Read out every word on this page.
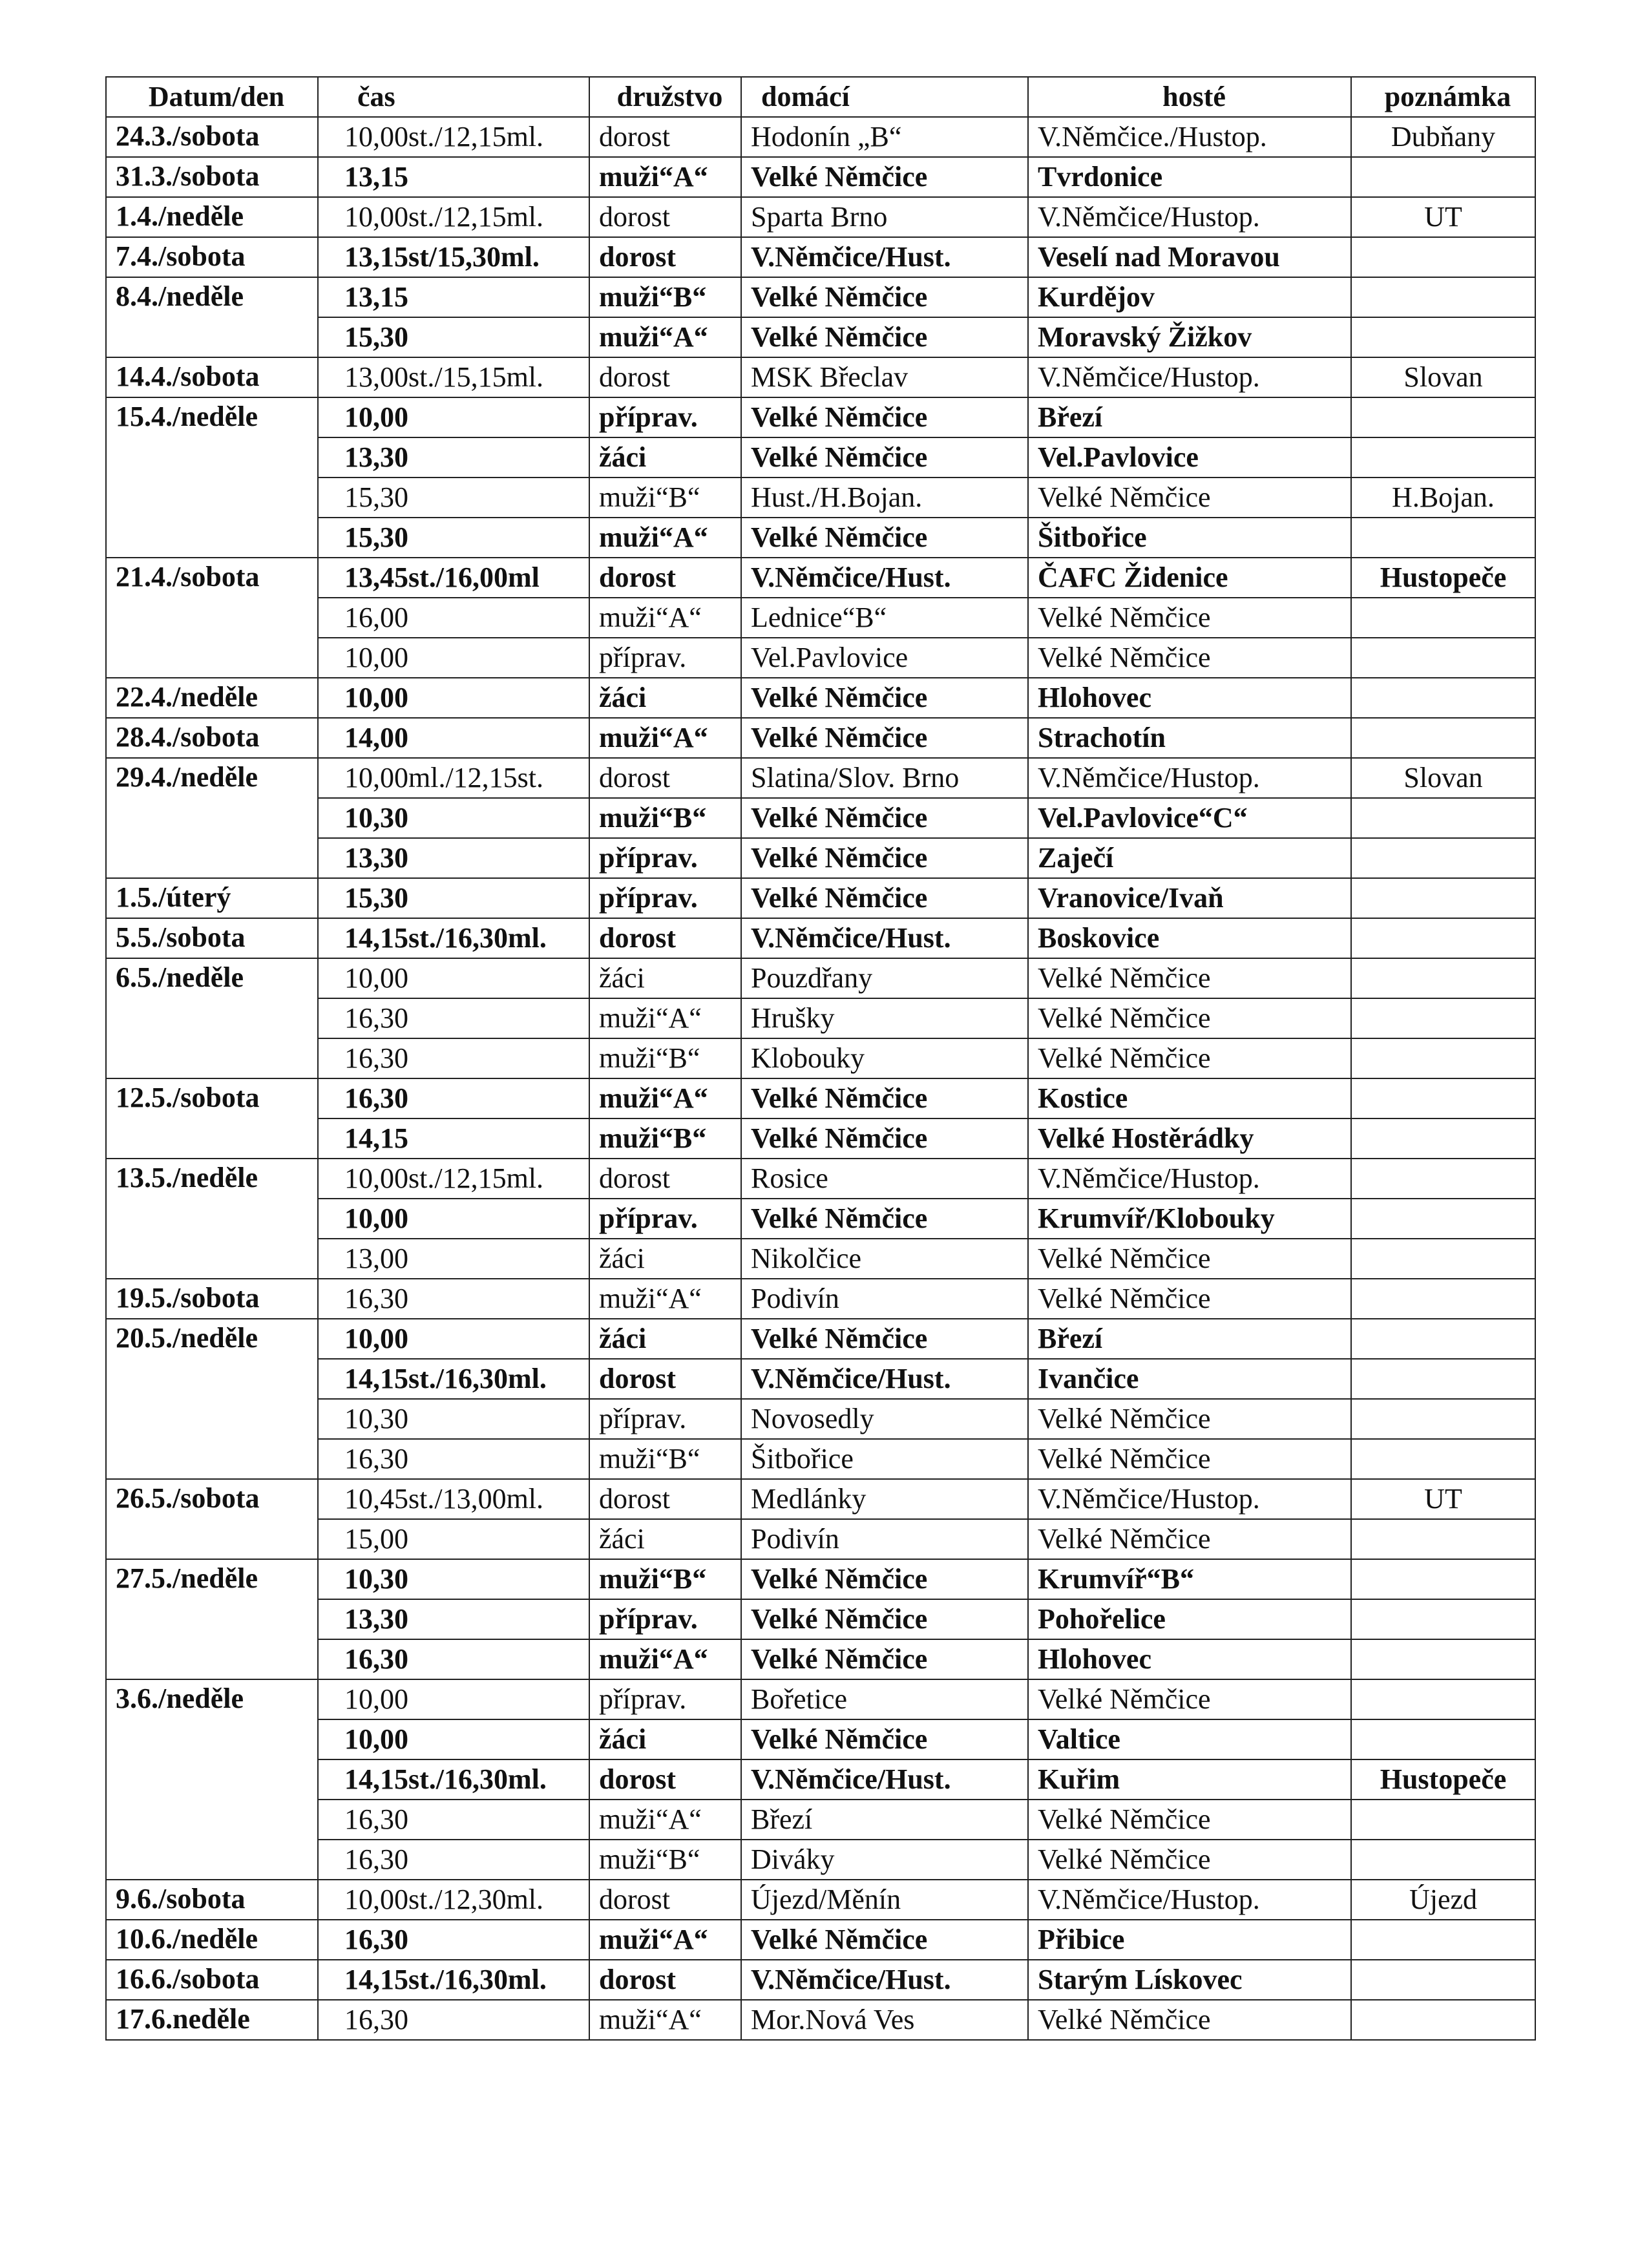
Datum/den	čas	družstvo	domácí	hosté	poznámka
24.3./sobota	10,00st./12,15ml.	dorost	Hodonín „B“	V.Němčice./Hustop.	Dubňany
31.3./sobota	13,15	muži“A“	Velké Němčice	Tvrdonice	
1.4./neděle	10,00st./12,15ml.	dorost	Sparta Brno	V.Němčice/Hustop.	UT
7.4./sobota	13,15st/15,30ml.	dorost	V.Němčice/Hust.	Veselí nad Moravou	
8.4./neděle	13,15	muži“B“	Velké Němčice	Kurdějov	
	15,30	muži“A“	Velké Němčice	Moravský Žižkov	
14.4./sobota	13,00st./15,15ml.	dorost	MSK Břeclav	V.Němčice/Hustop.	Slovan
15.4./neděle	10,00	příprav.	Velké Němčice	Březí	
	13,30	žáci	Velké Němčice	Vel.Pavlovice	
	15,30	muži“B“	Hust./H.Bojan.	Velké Němčice	H.Bojan.
	15,30	muži“A“	Velké Němčice	Šitbořice	
21.4./sobota	13,45st./16,00ml	dorost	V.Němčice/Hust.	ČAFC Židenice	Hustopeče
	16,00	muži“A“	Lednice“B“	Velké Němčice	
	10,00	příprav.	Vel.Pavlovice	Velké Němčice	
22.4./neděle	10,00	žáci	Velké Němčice	Hlohovec	
28.4./sobota	14,00	muži“A“	Velké Němčice	Strachotín	
29.4./neděle	10,00ml./12,15st.	dorost	Slatina/Slov. Brno	V.Němčice/Hustop.	Slovan
	10,30	muži“B“	Velké Němčice	Vel.Pavlovice“C“	
	13,30	příprav.	Velké Němčice	Zaječí	
1.5./úterý	15,30	příprav.	Velké Němčice	Vranovice/Ivaň	
5.5./sobota	14,15st./16,30ml.	dorost	V.Němčice/Hust.	Boskovice	
6.5./neděle	10,00	žáci	Pouzdřany	Velké Němčice	
	16,30	muži“A“	Hrušky	Velké Němčice	
	16,30	muži“B“	Klobouky	Velké Němčice	
12.5./sobota	16,30	muži“A“	Velké Němčice	Kostice	
	14,15	muži“B“	Velké Němčice	Velké Hostěrádky	
13.5./neděle	10,00st./12,15ml.	dorost	Rosice	V.Němčice/Hustop.	
	10,00	příprav.	Velké Němčice	Krumvíř/Klobouky	
	13,00	žáci	Nikolčice	Velké Němčice	
19.5./sobota	16,30	muži“A“	Podivín	Velké Němčice	
20.5./neděle	10,00	žáci	Velké Němčice	Březí	
	14,15st./16,30ml.	dorost	V.Němčice/Hust.	Ivančice	
	10,30	příprav.	Novosedly	Velké Němčice	
	16,30	muži“B“	Šitbořice	Velké Němčice	
26.5./sobota	10,45st./13,00ml.	dorost	Medlánky	V.Němčice/Hustop.	UT
	15,00	žáci	Podivín	Velké Němčice	
27.5./neděle	10,30	muži“B“	Velké Němčice	Krumvíř“B“	
	13,30	příprav.	Velké Němčice	Pohořelice	
	16,30	muži“A“	Velké Němčice	Hlohovec	
3.6./neděle	10,00	příprav.	Bořetice	Velké Němčice	
	10,00	žáci	Velké Němčice	Valtice	
	14,15st./16,30ml.	dorost	V.Němčice/Hust.	Kuřim	Hustopeče
	16,30	muži“A“	Březí	Velké Němčice	
	16,30	muži“B“	Diváky	Velké Němčice	
9.6./sobota	10,00st./12,30ml.	dorost	Újezd/Měnín	V.Němčice/Hustop.	Újezd
10.6./neděle	16,30	muži“A“	Velké Němčice	Přibice	
16.6./sobota	14,15st./16,30ml.	dorost	V.Němčice/Hust.	Starým Lískovec	
17.6.neděle	16,30	muži“A“	Mor.Nová Ves	Velké Němčice	
